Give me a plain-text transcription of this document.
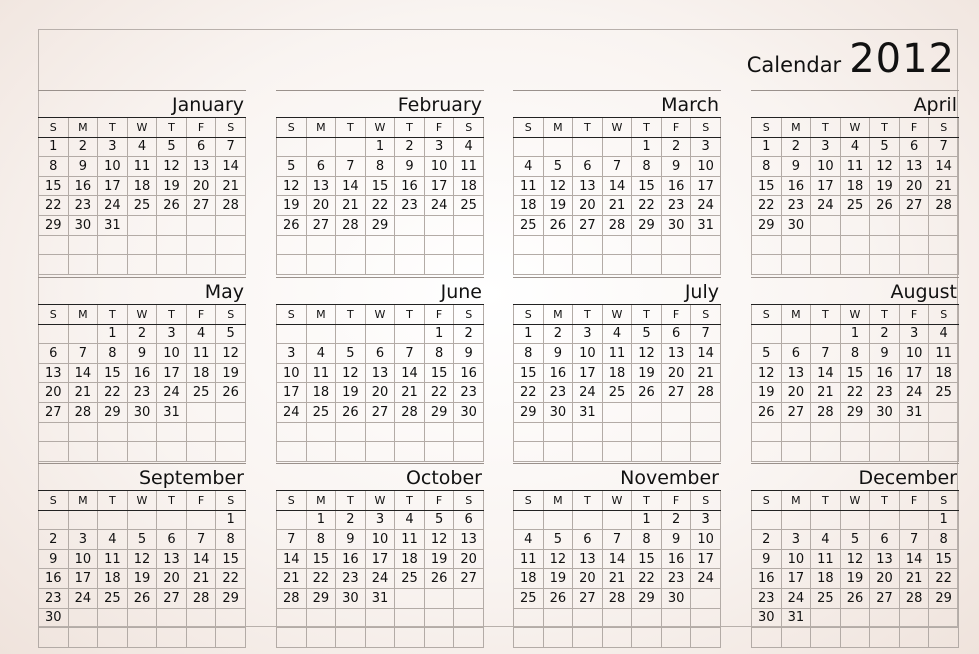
Calendar 2012
January
S	M	T	W	T	F	S
1	2	3	4	5	6	7
8	9	10	11	12	13	14
15	16	17	18	19	20	21
22	23	24	25	26	27	28
29	30	31				

February
S	M	T	W	T	F	S
			1	2	3	4
5	6	7	8	9	10	11
12	13	14	15	16	17	18
19	20	21	22	23	24	25
26	27	28	29			

March
S	M	T	W	T	F	S
				1	2	3
4	5	6	7	8	9	10
11	12	13	14	15	16	17
18	19	20	21	22	23	24
25	26	27	28	29	30	31

April
S	M	T	W	T	F	S
1	2	3	4	5	6	7
8	9	10	11	12	13	14
15	16	17	18	19	20	21
22	23	24	25	26	27	28
29	30					

May
S	M	T	W	T	F	S
		1	2	3	4	5
6	7	8	9	10	11	12
13	14	15	16	17	18	19
20	21	22	23	24	25	26
27	28	29	30	31		

June
S	M	T	W	T	F	S
					1	2
3	4	5	6	7	8	9
10	11	12	13	14	15	16
17	18	19	20	21	22	23
24	25	26	27	28	29	30

July
S	M	T	W	T	F	S
1	2	3	4	5	6	7
8	9	10	11	12	13	14
15	16	17	18	19	20	21
22	23	24	25	26	27	28
29	30	31				

August
S	M	T	W	T	F	S
			1	2	3	4
5	6	7	8	9	10	11
12	13	14	15	16	17	18
19	20	21	22	23	24	25
26	27	28	29	30	31	

September
S	M	T	W	T	F	S
						1
2	3	4	5	6	7	8
9	10	11	12	13	14	15
16	17	18	19	20	21	22
23	24	25	26	27	28	29
30						

October
S	M	T	W	T	F	S
	1	2	3	4	5	6
7	8	9	10	11	12	13
14	15	16	17	18	19	20
21	22	23	24	25	26	27
28	29	30	31			

November
S	M	T	W	T	F	S
				1	2	3
4	5	6	7	8	9	10
11	12	13	14	15	16	17
18	19	20	21	22	23	24
25	26	27	28	29	30	

December
S	M	T	W	T	F	S
						1
2	3	4	5	6	7	8
9	10	11	12	13	14	15
16	17	18	19	20	21	22
23	24	25	26	27	28	29
30	31					
